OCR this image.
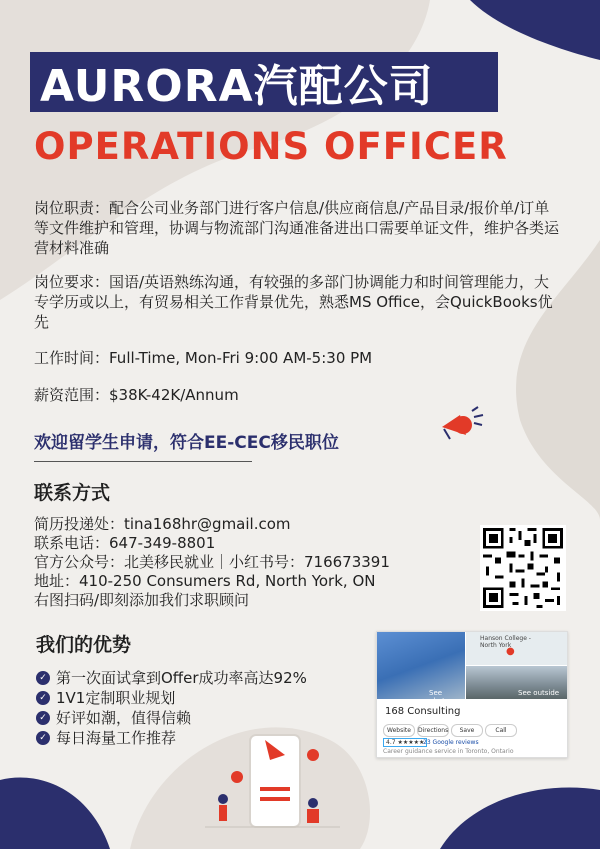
AURORA汽配公司
OPERATIONS OFFICER
岗位职责：配合公司业务部门进行客户信息/供应商信息/产品目录/报价单/订单等文件维护和管理，协调与物流部门沟通准备进出口需要单证文件，维护各类运营材料准确
岗位要求：国语/英语熟练沟通，有较强的多部门协调能力和时间管理能力，大专学历或以上，有贸易相关工作背景优先，熟悉MS Office，会QuickBooks优先
工作时间：Full-Time, Mon-Fri 9:00 AM-5:30 PM
薪资范围：$38K-42K/Annum
欢迎留学生申请，符合EE-CEC移民职位
联系方式
简历投递处：tina168hr@gmail.com
联系电话：647-349-8801
官方公众号：北美移民就业｜小红书号：716673391
地址：410-250 Consumers Rd, North York, ON
右图扫码/即刻添加我们求职顾问
我们的优势
✓ 第一次面试拿到Offer成功率高达92%
✓ 1V1定制职业规划
✓ 好评如潮，值得信赖
✓ 每日海量工作推荐
See photos
Hanson College - North York
●
See outside
168 Consulting
Website	Directions	Save	Call
4.7 ★★★★★
23 Google reviews
Career guidance service in Toronto, Ontario
